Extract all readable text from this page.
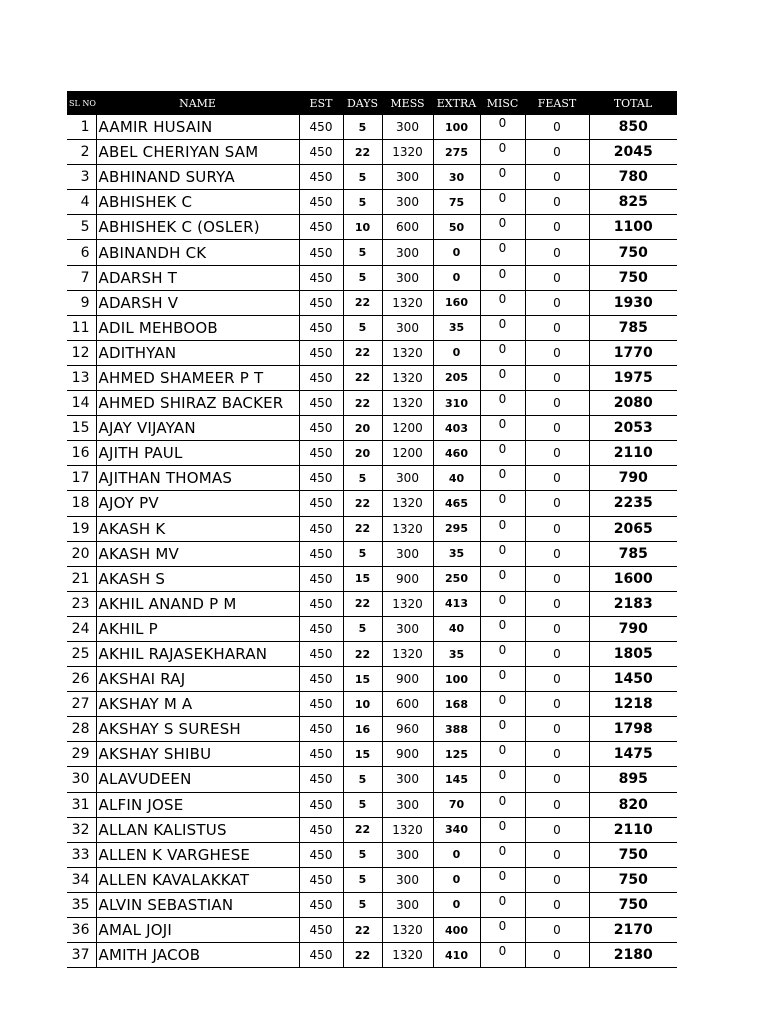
SL NO	NAME	EST	DAYS	MESS	EXTRA	MISC	FEAST	TOTAL
1	AAMIR HUSAIN	450	5	300	100	0	0	850
2	ABEL CHERIYAN SAM	450	22	1320	275	0	0	2045
3	ABHINAND SURYA	450	5	300	30	0	0	780
4	ABHISHEK C	450	5	300	75	0	0	825
5	ABHISHEK C (OSLER)	450	10	600	50	0	0	1100
6	ABINANDH CK	450	5	300	0	0	0	750
7	ADARSH T	450	5	300	0	0	0	750
9	ADARSH V	450	22	1320	160	0	0	1930
11	ADIL MEHBOOB	450	5	300	35	0	0	785
12	ADITHYAN	450	22	1320	0	0	0	1770
13	AHMED SHAMEER P T	450	22	1320	205	0	0	1975
14	AHMED SHIRAZ BACKER	450	22	1320	310	0	0	2080
15	AJAY VIJAYAN	450	20	1200	403	0	0	2053
16	AJITH PAUL	450	20	1200	460	0	0	2110
17	AJITHAN THOMAS	450	5	300	40	0	0	790
18	AJOY PV	450	22	1320	465	0	0	2235
19	AKASH K	450	22	1320	295	0	0	2065
20	AKASH MV	450	5	300	35	0	0	785
21	AKASH S	450	15	900	250	0	0	1600
23	AKHIL ANAND P M	450	22	1320	413	0	0	2183
24	AKHIL P	450	5	300	40	0	0	790
25	AKHIL RAJASEKHARAN	450	22	1320	35	0	0	1805
26	AKSHAI RAJ	450	15	900	100	0	0	1450
27	AKSHAY M A	450	10	600	168	0	0	1218
28	AKSHAY S SURESH	450	16	960	388	0	0	1798
29	AKSHAY SHIBU	450	15	900	125	0	0	1475
30	ALAVUDEEN	450	5	300	145	0	0	895
31	ALFIN JOSE	450	5	300	70	0	0	820
32	ALLAN KALISTUS	450	22	1320	340	0	0	2110
33	ALLEN K VARGHESE	450	5	300	0	0	0	750
34	ALLEN KAVALAKKAT	450	5	300	0	0	0	750
35	ALVIN SEBASTIAN	450	5	300	0	0	0	750
36	AMAL JOJI	450	22	1320	400	0	0	2170
37	AMITH JACOB	450	22	1320	410	0	0	2180
